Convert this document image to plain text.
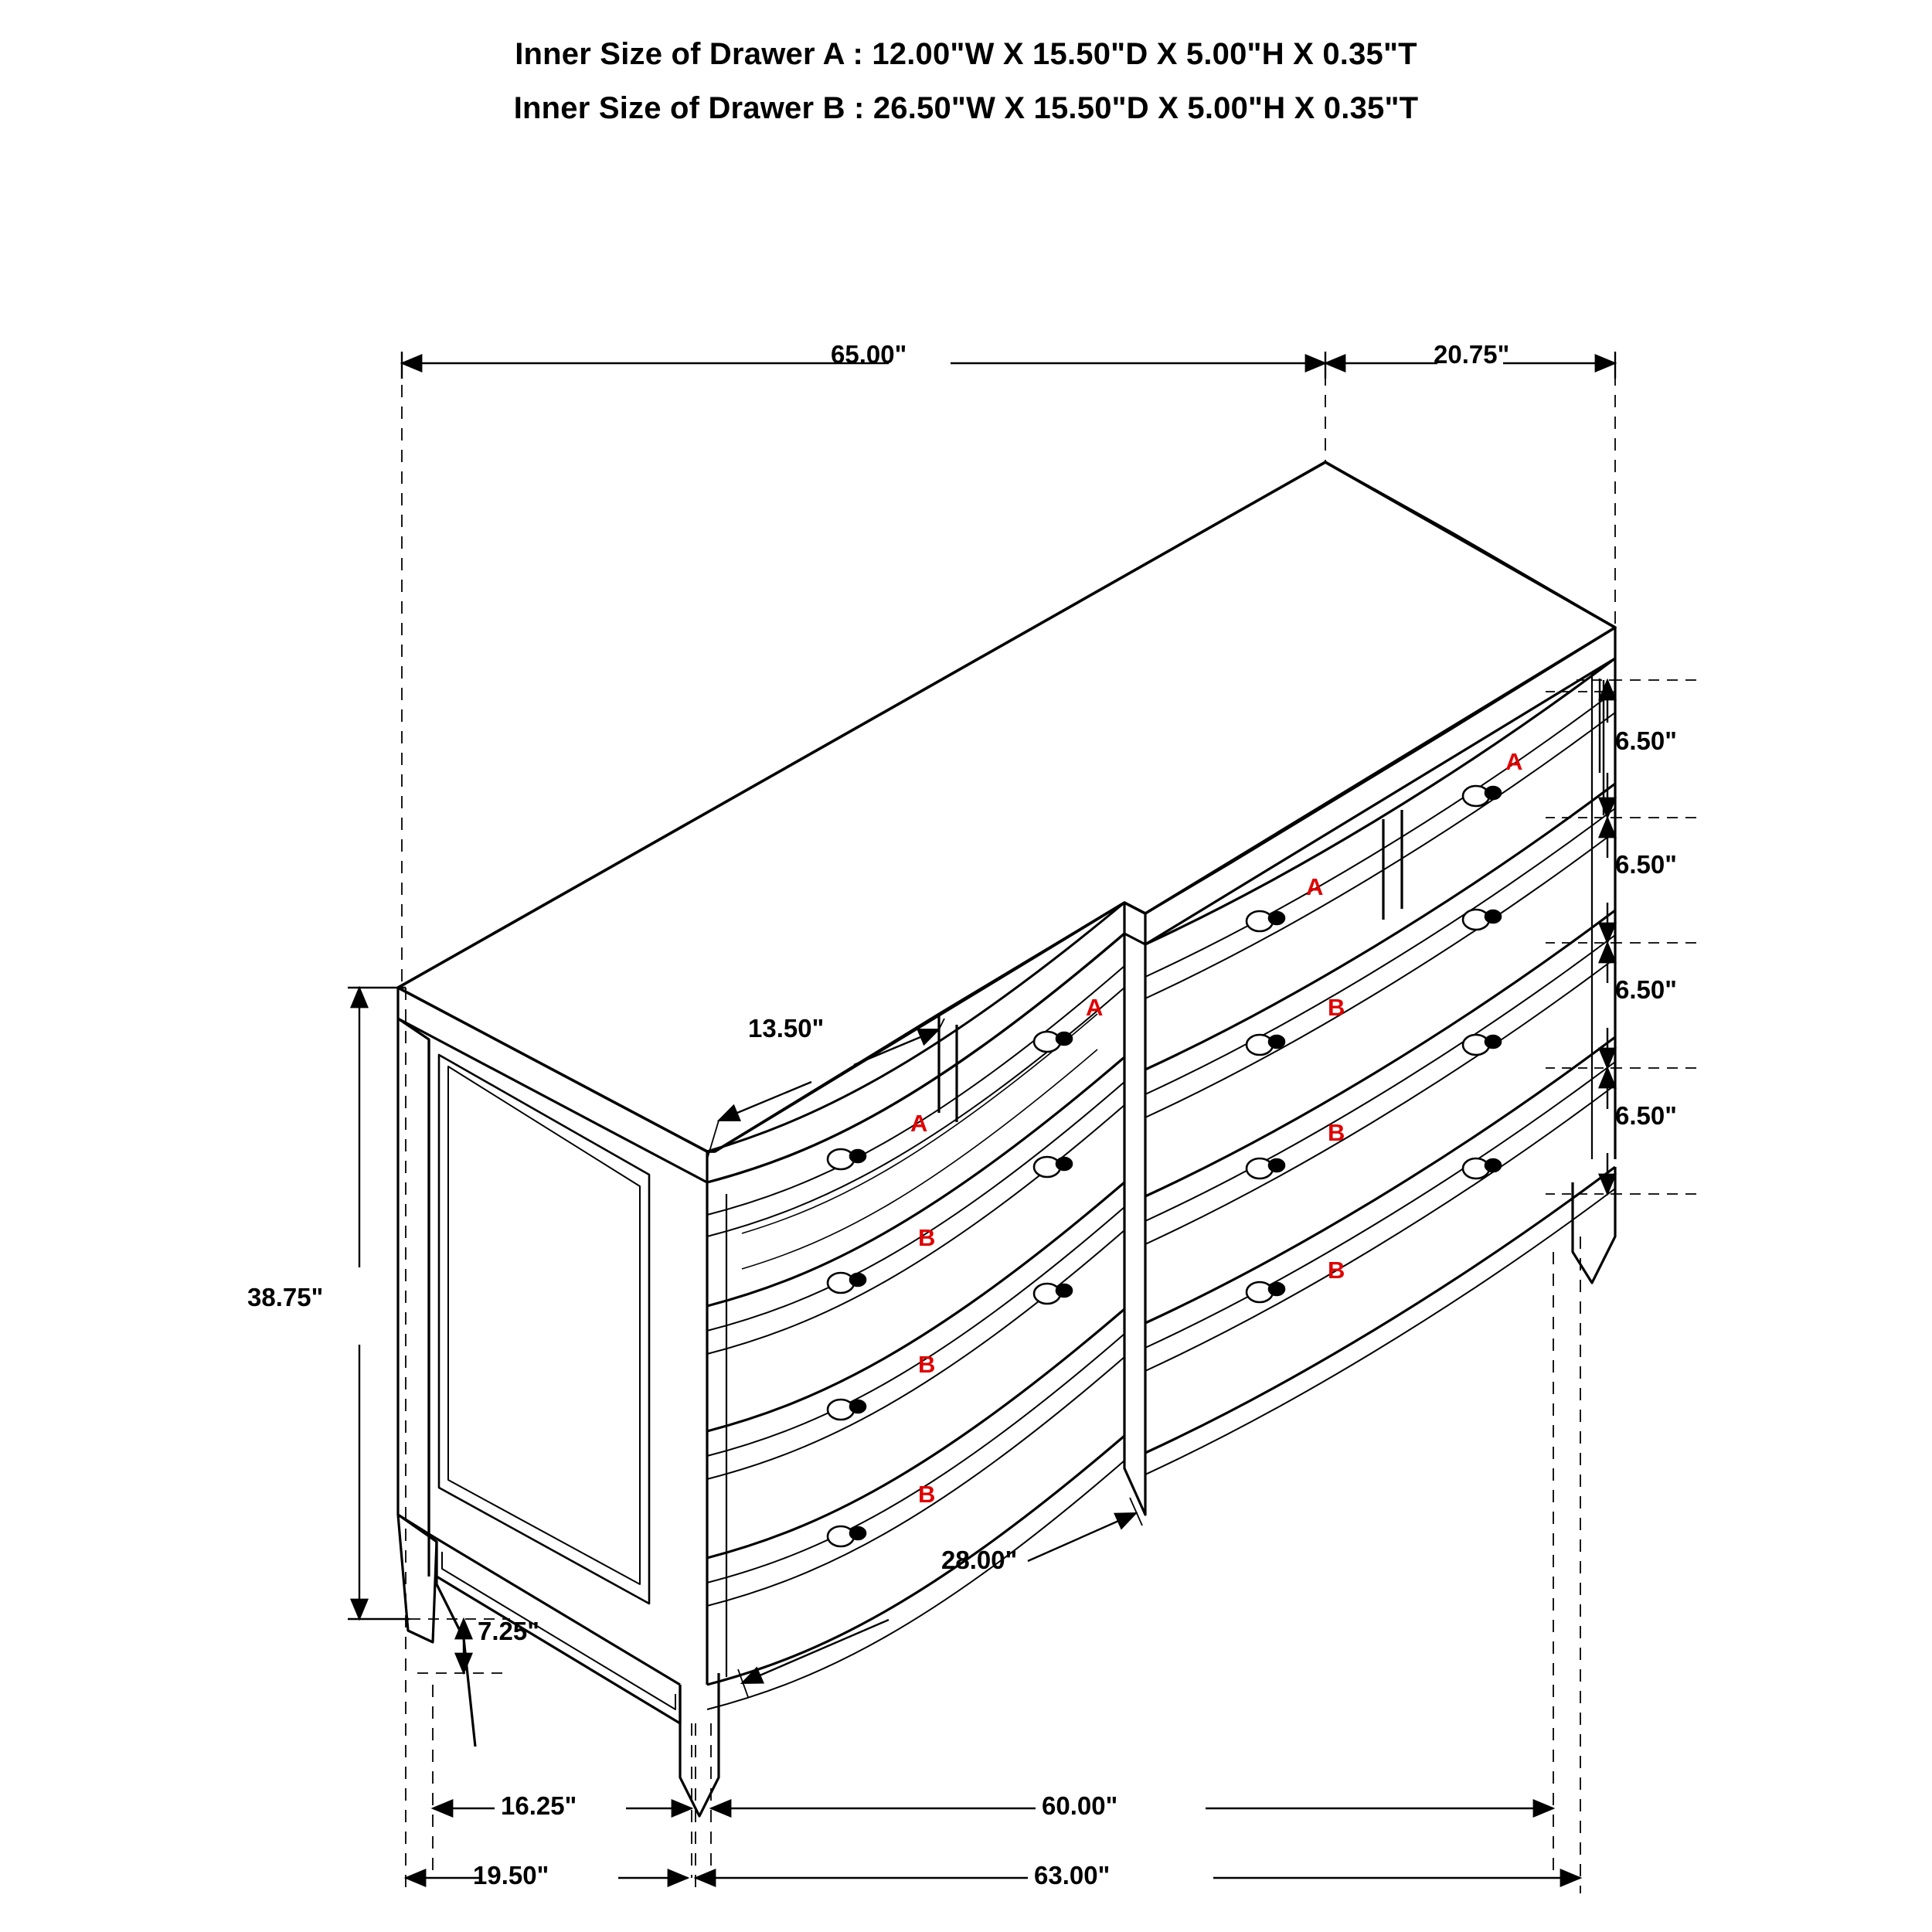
Inner Size of Drawer A : 12.00"W X 15.50"D X 5.00"H X 0.35"T
Inner Size of Drawer B : 26.50"W X 15.50"D X 5.00"H X 0.35"T
65.00"	20.75"
6.50"
6.50"
6.50"
6.50"
38.75"
7.25"
13.50"
28.00"
16.25"	60.00"
19.50"	63.00"
A
A
A
A
B
B
B
B
B
B
